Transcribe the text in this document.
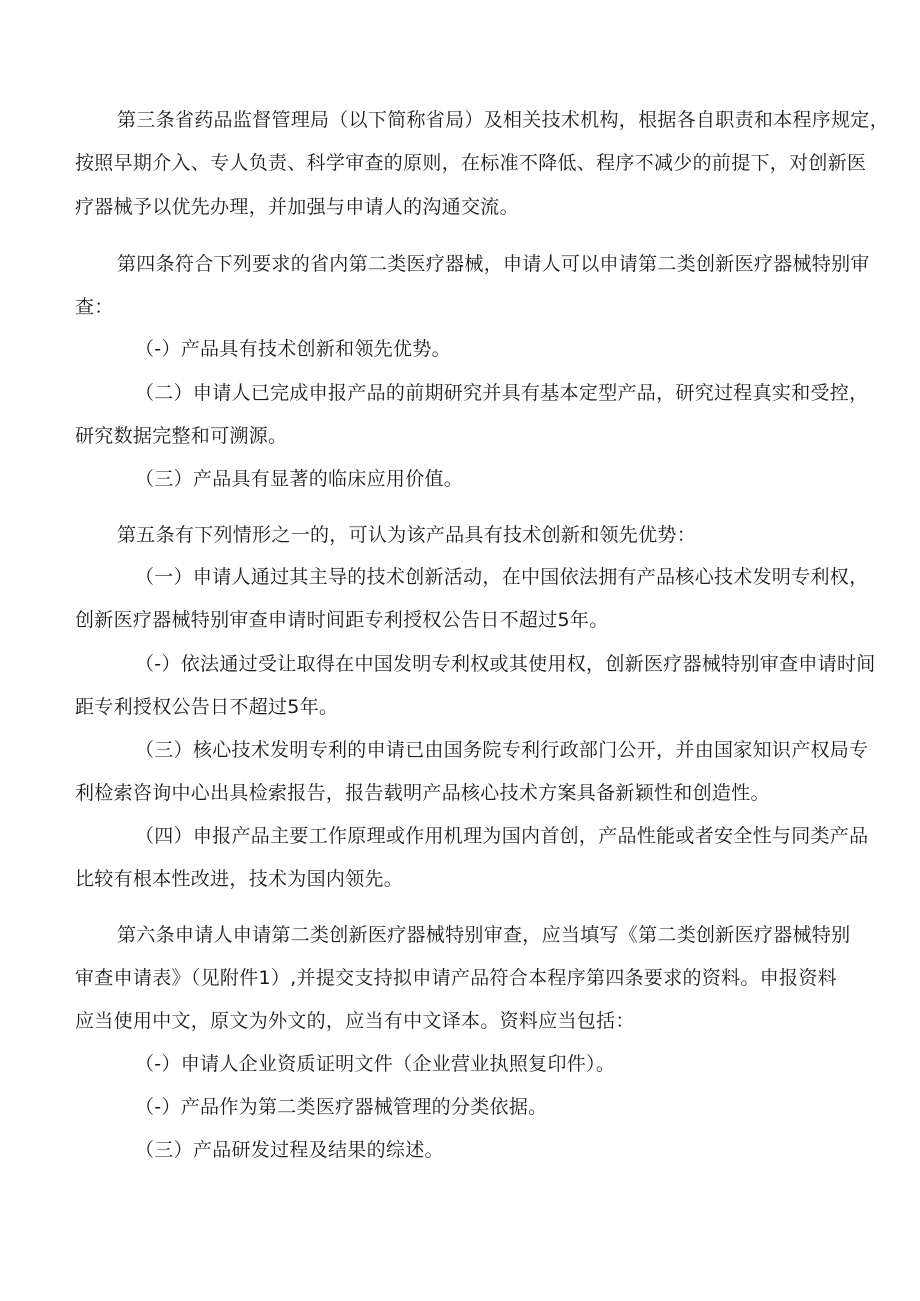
第三条省药品监督管理局（以下简称省局）及相关技术机构，根据各自职责和本程序规定，
按照早期介入、专人负责、科学审查的原则，在标准不降低、程序不减少的前提下，对创新医
疗器械予以优先办理，并加强与申请人的沟通交流。
第四条符合下列要求的省内第二类医疗器械，申请人可以申请第二类创新医疗器械特别审
查：
（-）产品具有技术创新和领先优势。
（二）申请人已完成申报产品的前期研究并具有基本定型产品，研究过程真实和受控，
研究数据完整和可溯源。
（三）产品具有显著的临床应用价值。
第五条有下列情形之一的，可认为该产品具有技术创新和领先优势：
（一）申请人通过其主导的技术创新活动，在中国依法拥有产品核心技术发明专利权，
创新医疗器械特别审查申请时间距专利授权公告日不超过5年。
（-）依法通过受让取得在中国发明专利权或其使用权，创新医疗器械特别审查申请时间
距专利授权公告日不超过5年。
（三）核心技术发明专利的申请已由国务院专利行政部门公开，并由国家知识产权局专
利检索咨询中心出具检索报告，报告载明产品核心技术方案具备新颖性和创造性。
（四）申报产品主要工作原理或作用机理为国内首创，产品性能或者安全性与同类产品
比较有根本性改进，技术为国内领先。
第六条申请人申请第二类创新医疗器械特别审查，应当填写《第二类创新医疗器械特别
审查申请表》（见附件1）,并提交支持拟申请产品符合本程序第四条要求的资料。申报资料
应当使用中文，原文为外文的，应当有中文译本。资料应当包括：
（-）申请人企业资质证明文件（企业营业执照复印件）。
（-）产品作为第二类医疗器械管理的分类依据。
（三）产品研发过程及结果的综述。
